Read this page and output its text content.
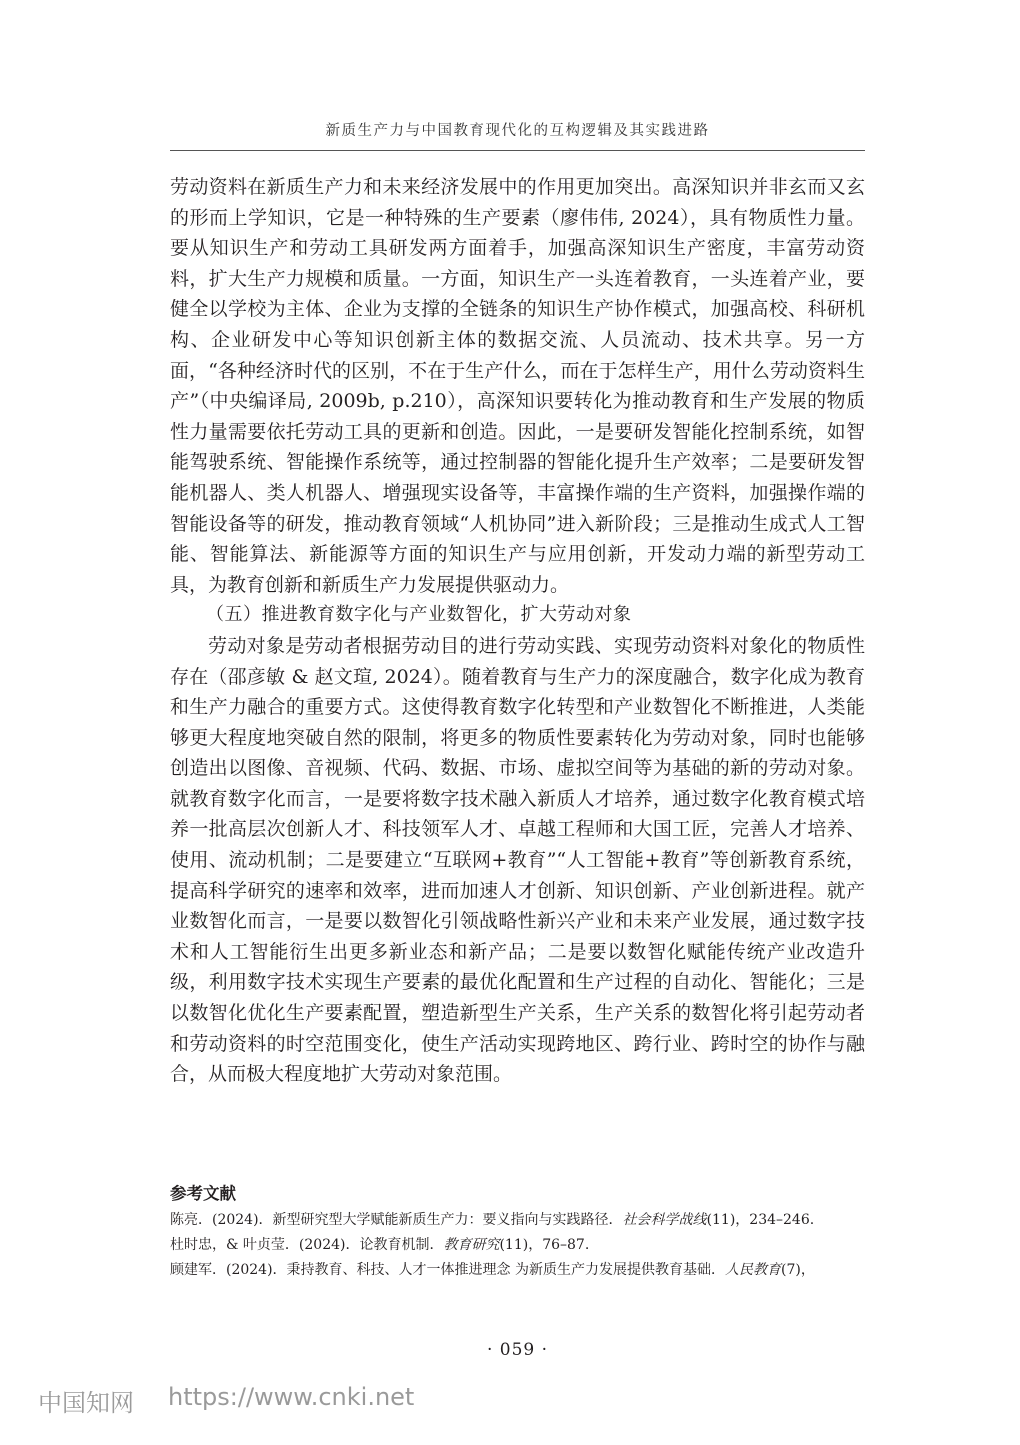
新质生产力与中国教育现代化的互构逻辑及其实践进路

劳动资料在新质生产力和未来经济发展中的作用更加突出。高深知识并非玄而又玄的形而上学知识，它是一种特殊的生产要素（廖伟伟, 2024），具有物质性力量。要从知识生产和劳动工具研发两方面着手，加强高深知识生产密度，丰富劳动资料，扩大生产力规模和质量。一方面，知识生产一头连着教育，一头连着产业，要健全以学校为主体、企业为支撑的全链条的知识生产协作模式，加强高校、科研机构、企业研发中心等知识创新主体的数据交流、人员流动、技术共享。另一方面，“各种经济时代的区别，不在于生产什么，而在于怎样生产，用什么劳动资料生产”（中央编译局, 2009b, p.210），高深知识要转化为推动教育和生产发展的物质性力量需要依托劳动工具的更新和创造。因此，一是要研发智能化控制系统，如智能驾驶系统、智能操作系统等，通过控制器的智能化提升生产效率；二是要研发智能机器人、类人机器人、增强现实设备等，丰富操作端的生产资料，加强操作端的智能设备等的研发，推动教育领域“人机协同”进入新阶段；三是推动生成式人工智能、智能算法、新能源等方面的知识生产与应用创新，开发动力端的新型劳动工具，为教育创新和新质生产力发展提供驱动力。

（五）推进教育数字化与产业数智化，扩大劳动对象

劳动对象是劳动者根据劳动目的进行劳动实践、实现劳动资料对象化的物质性存在（邵彦敏 & 赵文瑄, 2024）。随着教育与生产力的深度融合，数字化成为教育和生产力融合的重要方式。这使得教育数字化转型和产业数智化不断推进，人类能够更大程度地突破自然的限制，将更多的物质性要素转化为劳动对象，同时也能够创造出以图像、音视频、代码、数据、市场、虚拟空间等为基础的新的劳动对象。就教育数字化而言，一是要将数字技术融入新质人才培养，通过数字化教育模式培养一批高层次创新人才、科技领军人才、卓越工程师和大国工匠，完善人才培养、使用、流动机制；二是要建立“互联网+教育”“人工智能+教育”等创新教育系统，提高科学研究的速率和效率，进而加速人才创新、知识创新、产业创新进程。就产业数智化而言，一是要以数智化引领战略性新兴产业和未来产业发展，通过数字技术和人工智能衍生出更多新业态和新产品；二是要以数智化赋能传统产业改造升级，利用数字技术实现生产要素的最优化配置和生产过程的自动化、智能化；三是以数智化优化生产要素配置，塑造新型生产关系，生产关系的数智化将引起劳动者和劳动资料的时空范围变化，使生产活动实现跨地区、跨行业、跨时空的协作与融合，从而极大程度地扩大劳动对象范围。

参考文献

陈亮．(2024)．新型研究型大学赋能新质生产力：要义指向与实践路径．社会科学战线(11)，234–246.

杜时忠，& 叶贞莹．(2024)．论教育机制．教育研究(11)，76–87.

顾建军．(2024)．秉持教育、科技、人才一体推进理念 为新质生产力发展提供教育基础．人民教育(7)，

· 059 ·
中国知网 https://www.cnki.net
